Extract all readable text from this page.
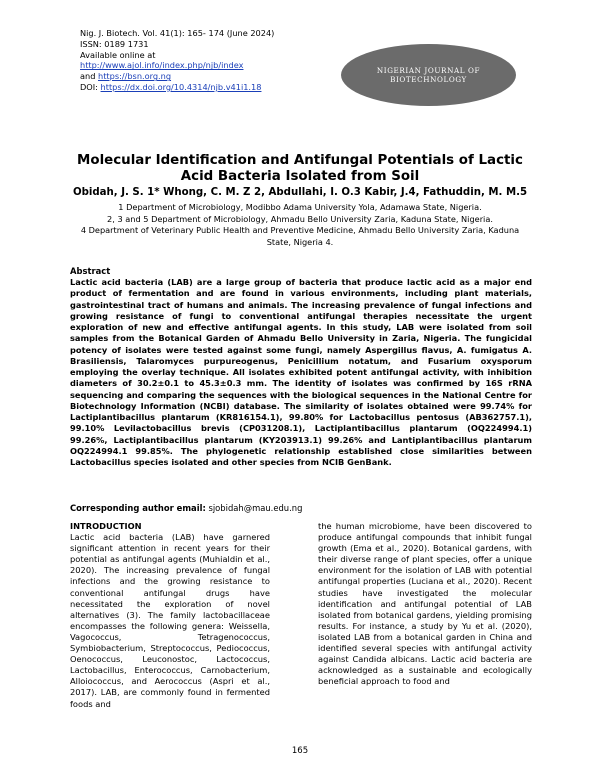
Nig. J. Biotech. Vol. 41(1): 165- 174 (June 2024)
ISSN: 0189 1731
Available online at
http://www.ajol.info/index.php/njb/index
and https://bsn.org.ng
DOI: https://dx.doi.org/10.4314/njb.v41i1.18
NIGERIAN JOURNAL OF
BIOTECHNOLOGY
Molecular Identification and Antifungal Potentials of Lactic Acid Bacteria Isolated from Soil
Obidah, J. S. 1* Whong, C. M. Z 2, Abdullahi, I. O.3 Kabir, J.4, Fathuddin, M. M.5
1 Department of Microbiology, Modibbo Adama University Yola, Adamawa State, Nigeria.
2, 3 and 5 Department of Microbiology, Ahmadu Bello University Zaria, Kaduna State, Nigeria.
4 Department of Veterinary Public Health and Preventive Medicine, Ahmadu Bello University Zaria, Kaduna State, Nigeria 4.
Abstract
Lactic acid bacteria (LAB) are a large group of bacteria that produce lactic acid as a major end product of fermentation and are found in various environments, including plant materials, gastrointestinal tract of humans and animals. The increasing prevalence of fungal infections and growing resistance of fungi to conventional antifungal therapies necessitate the urgent exploration of new and effective antifungal agents. In this study, LAB were isolated from soil samples from the Botanical Garden of Ahmadu Bello University in Zaria, Nigeria. The fungicidal potency of isolates were tested against some fungi, namely Aspergillus flavus, A. fumigatus A. Brasiliensis, Talaromyces purpureogenus, Penicillium notatum, and Fusarium oxysporum employing the overlay technique. All isolates exhibited potent antifungal activity, with inhibition diameters of 30.2±0.1 to 45.3±0.3 mm. The identity of isolates was confirmed by 16S rRNA sequencing and comparing the sequences with the biological sequences in the National Centre for Biotechnology Information (NCBI) database. The similarity of isolates obtained were 99.74% for Lactiplantibacillus plantarum (KR816154.1), 99.80% for Lactobacillus pentosus (AB362757.1), 99.10% Levilactobacillus brevis (CP031208.1), Lactiplantibacillus plantarum (OQ224994.1) 99.26%, Lactiplantibacillus plantarum (KY203913.1) 99.26% and Lantiplantibacillus plantarum OQ224994.1 99.85%. The phylogenetic relationship established close similarities between Lactobacillus species isolated and other species from NCIB GenBank.
Corresponding author email: sjobidah@mau.edu.ng
INTRODUCTION
Lactic acid bacteria (LAB) have garnered significant attention in recent years for their potential as antifungal agents (Muhialdin et al., 2020). The increasing prevalence of fungal infections and the growing resistance to conventional antifungal drugs have necessitated the exploration of novel alternatives (3). The family lactobacillaceae encompasses the following genera: Weissella, Vagococcus, Tetragenococcus, Symbiobacterium, Streptococcus, Pediococcus, Oenococcus, Leuconostoc, Lactococcus, Lactobacillus, Enterococcus, Carnobacterium, Alloiococcus, and Aerococcus (Aspri et al., 2017). LAB, are commonly found in fermented foods and
the human microbiome, have been discovered to produce antifungal compounds that inhibit fungal growth (Ema et al., 2020). Botanical gardens, with their diverse range of plant species, offer a unique environment for the isolation of LAB with potential antifungal properties (Luciana et al., 2020). Recent studies have investigated the molecular identification and antifungal potential of LAB isolated from botanical gardens, yielding promising results. For instance, a study by Yu et al. (2020), isolated LAB from a botanical garden in China and identified several species with antifungal activity against Candida albicans. Lactic acid bacteria are acknowledged as a sustainable and ecologically beneficial approach to food and
165
